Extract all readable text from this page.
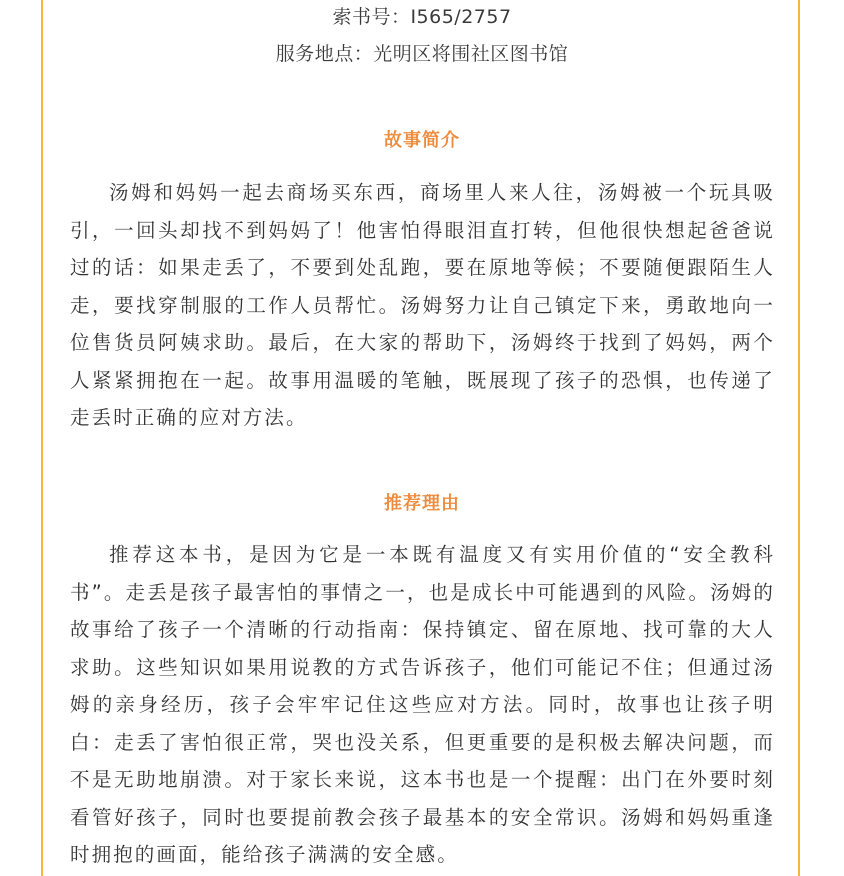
索书号：I565/2757
服务地点：光明区将围社区图书馆
故事简介

汤姆和妈妈一起去商场买东西，商场里人来人往，汤姆被一个玩具吸引，一回头却找不到妈妈了！他害怕得眼泪直打转，但他很快想起爸爸说过的话：如果走丢了，不要到处乱跑，要在原地等候；不要随便跟陌生人走，要找穿制服的工作人员帮忙。汤姆努力让自己镇定下来，勇敢地向一位售货员阿姨求助。最后，在大家的帮助下，汤姆终于找到了妈妈，两个人紧紧拥抱在一起。故事用温暖的笔触，既展现了孩子的恐惧，也传递了走丢时正确的应对方法。

推荐理由

推荐这本书，是因为它是一本既有温度又有实用价值的“安全教科书”。走丢是孩子最害怕的事情之一，也是成长中可能遇到的风险。汤姆的故事给了孩子一个清晰的行动指南：保持镇定、留在原地、找可靠的大人求助。这些知识如果用说教的方式告诉孩子，他们可能记不住；但通过汤姆的亲身经历，孩子会牢牢记住这些应对方法。同时，故事也让孩子明白：走丢了害怕很正常，哭也没关系，但更重要的是积极去解决问题，而不是无助地崩溃。对于家长来说，这本书也是一个提醒：出门在外要时刻看管好孩子，同时也要提前教会孩子最基本的安全常识。汤姆和妈妈重逢时拥抱的画面，能给孩子满满的安全感。
